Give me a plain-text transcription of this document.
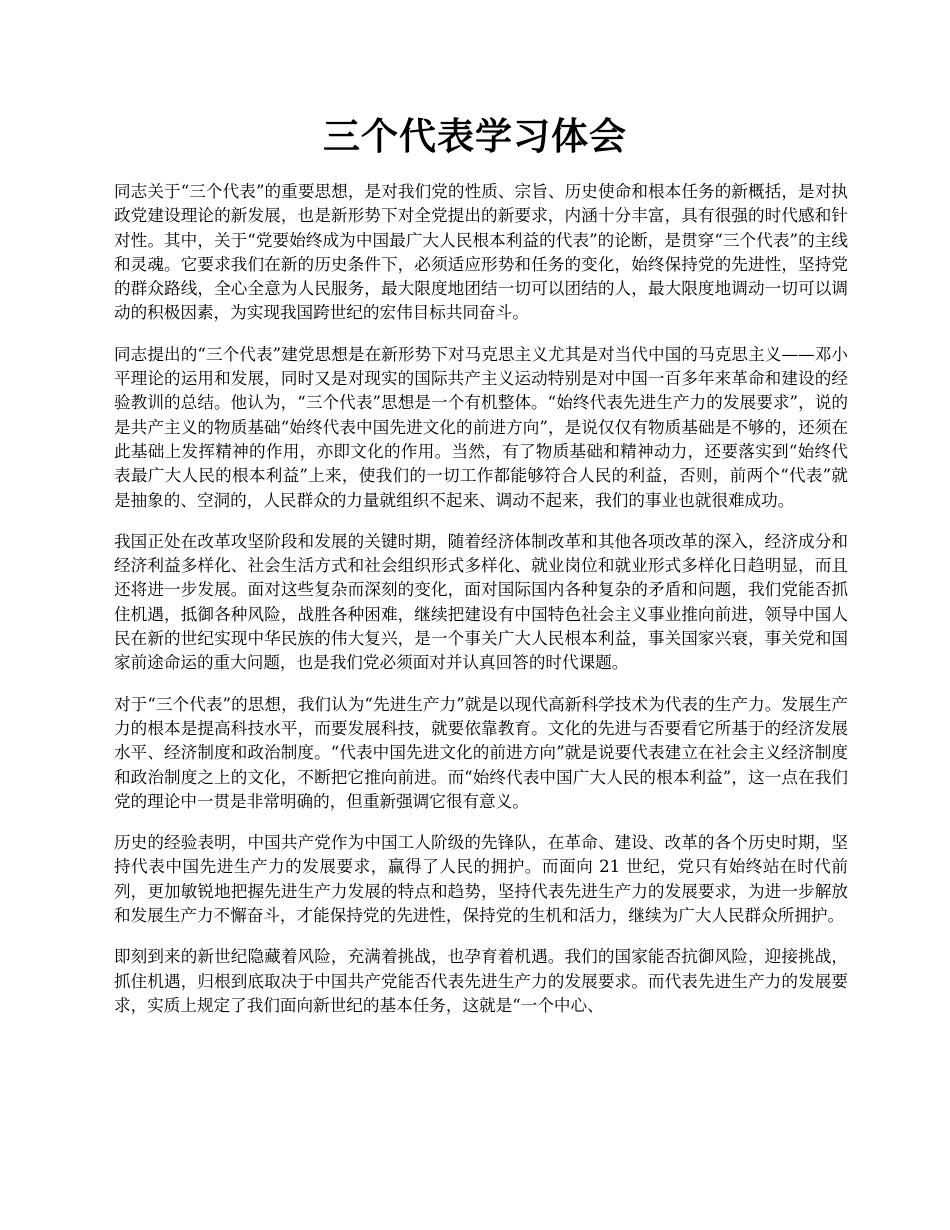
三个代表学习体会

同志关于“三个代表”的重要思想，是对我们党的性质、宗旨、历史使命和根本任务的新概括，是对执政党建设理论的新发展，也是新形势下对全党提出的新要求，内涵十分丰富，具有很强的时代感和针对性。其中，关于“党要始终成为中国最广大人民根本利益的代表”的论断，是贯穿“三个代表”的主线和灵魂。它要求我们在新的历史条件下，必须适应形势和任务的变化，始终保持党的先进性，坚持党的群众路线，全心全意为人民服务，最大限度地团结一切可以团结的人，最大限度地调动一切可以调动的积极因素，为实现我国跨世纪的宏伟目标共同奋斗。

同志提出的“三个代表”建党思想是在新形势下对马克思主义尤其是对当代中国的马克思主义——邓小平理论的运用和发展，同时又是对现实的国际共产主义运动特别是对中国一百多年来革命和建设的经验教训的总结。他认为，“三个代表”思想是一个有机整体。“始终代表先进生产力的发展要求”，说的是共产主义的物质基础“始终代表中国先进文化的前进方向”，是说仅仅有物质基础是不够的，还须在此基础上发挥精神的作用，亦即文化的作用。当然，有了物质基础和精神动力，还要落实到“始终代表最广大人民的根本利益”上来，使我们的一切工作都能够符合人民的利益，否则，前两个“代表”就是抽象的、空洞的，人民群众的力量就组织不起来、调动不起来，我们的事业也就很难成功。

我国正处在改革攻坚阶段和发展的关键时期，随着经济体制改革和其他各项改革的深入，经济成分和经济利益多样化、社会生活方式和社会组织形式多样化、就业岗位和就业形式多样化日趋明显，而且还将进一步发展。面对这些复杂而深刻的变化，面对国际国内各种复杂的矛盾和问题，我们党能否抓住机遇，抵御各种风险，战胜各种困难，继续把建设有中国特色社会主义事业推向前进，领导中国人民在新的世纪实现中华民族的伟大复兴，是一个事关广大人民根本利益，事关国家兴衰，事关党和国家前途命运的重大问题，也是我们党必须面对并认真回答的时代课题。

对于“三个代表”的思想，我们认为“先进生产力”就是以现代高新科学技术为代表的生产力。发展生产力的根本是提高科技水平，而要发展科技，就要依靠教育。文化的先进与否要看它所基于的经济发展水平、经济制度和政治制度。“代表中国先进文化的前进方向”就是说要代表建立在社会主义经济制度和政治制度之上的文化，不断把它推向前进。而“始终代表中国广大人民的根本利益”，这一点在我们党的理论中一贯是非常明确的，但重新强调它很有意义。

历史的经验表明，中国共产党作为中国工人阶级的先锋队，在革命、建设、改革的各个历史时期，坚持代表中国先进生产力的发展要求，赢得了人民的拥护。而面向 21 世纪，党只有始终站在时代前列，更加敏锐地把握先进生产力发展的特点和趋势，坚持代表先进生产力的发展要求，为进一步解放和发展生产力不懈奋斗，才能保持党的先进性，保持党的生机和活力，继续为广大人民群众所拥护。

即刻到来的新世纪隐藏着风险，充满着挑战，也孕育着机遇。我们的国家能否抗御风险，迎接挑战，抓住机遇，归根到底取决于中国共产党能否代表先进生产力的发展要求。而代表先进生产力的发展要求，实质上规定了我们面向新世纪的基本任务，这就是“一个中心、
